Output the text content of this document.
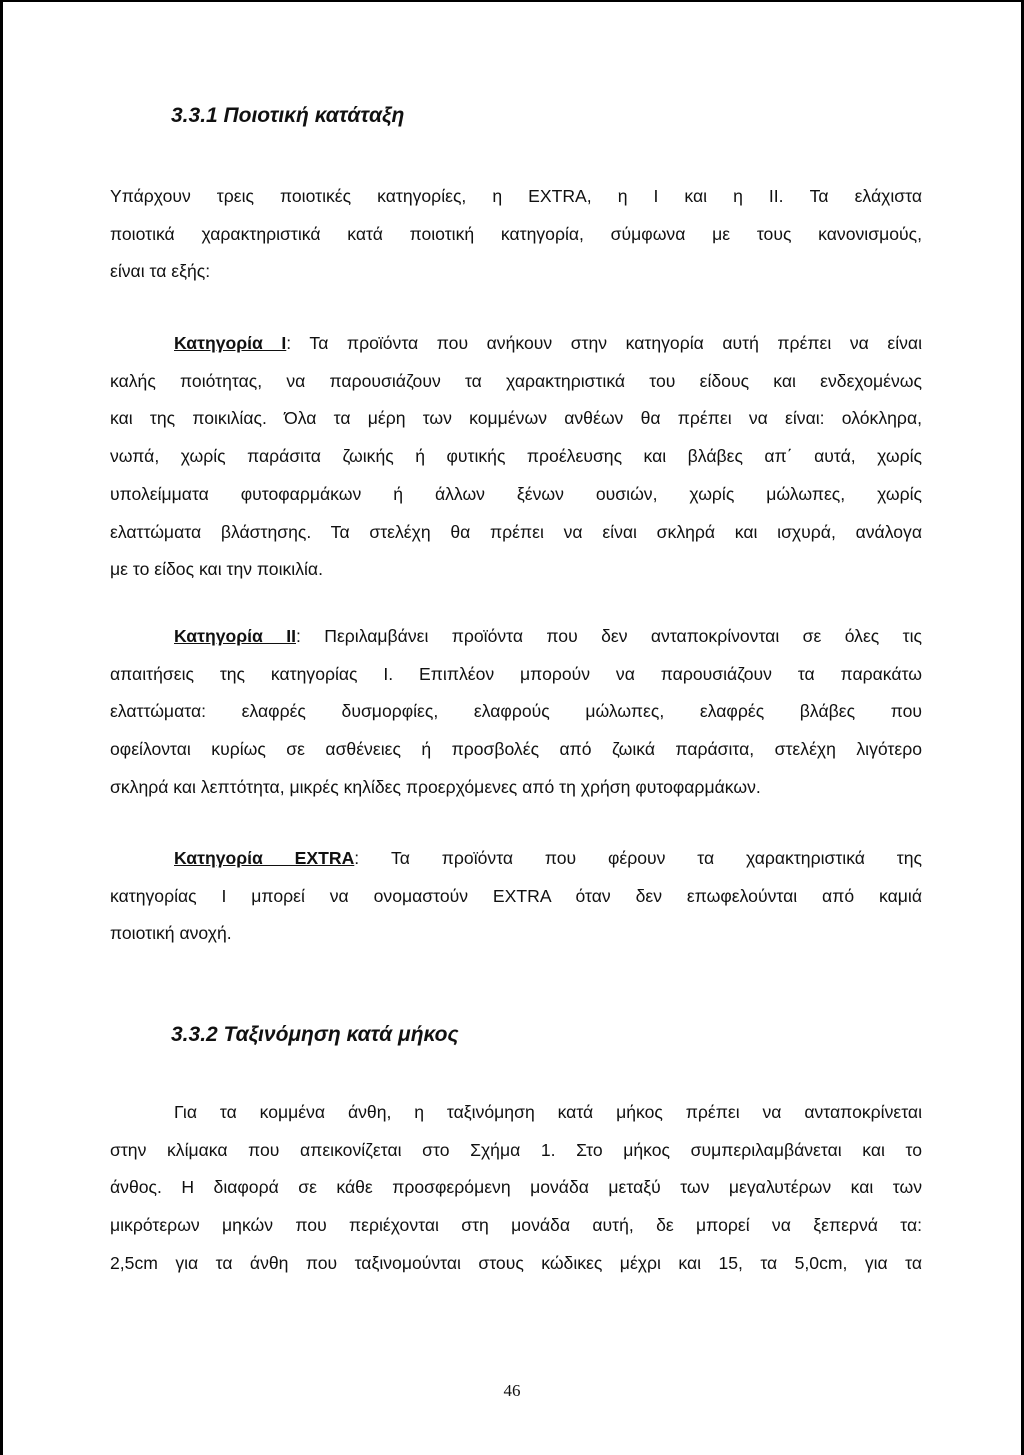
3.3.1 Ποιοτική κατάταξη

Υπάρχουν τρεις ποιοτικές κατηγορίες, η EXTRA, η I και η II. Τα ελάχιστα
ποιοτικά χαρακτηριστικά κατά ποιοτική κατηγορία, σύμφωνα με τους κανονισμούς,
είναι τα εξής:

Κατηγορία Ι: Τα προϊόντα που ανήκουν στην κατηγορία αυτή πρέπει να είναι
καλής ποιότητας, να παρουσιάζουν τα χαρακτηριστικά του είδους και ενδεχομένως
και της ποικιλίας. Όλα τα μέρη των κομμένων ανθέων θα πρέπει να είναι: ολόκληρα,
νωπά, χωρίς παράσιτα ζωικής ή φυτικής προέλευσης και βλάβες απ΄ αυτά, χωρίς
υπολείμματα φυτοφαρμάκων ή άλλων ξένων ουσιών, χωρίς μώλωπες, χωρίς
ελαττώματα βλάστησης. Τα στελέχη θα πρέπει να είναι σκληρά και ισχυρά, ανάλογα
με το είδος και την ποικιλία.

Κατηγορία ΙΙ: Περιλαμβάνει προϊόντα που δεν ανταποκρίνονται σε όλες τις
απαιτήσεις της κατηγορίας Ι. Επιπλέον μπορούν να παρουσιάζουν τα παρακάτω
ελαττώματα: ελαφρές δυσμορφίες, ελαφρούς μώλωπες, ελαφρές βλάβες που
οφείλονται κυρίως σε ασθένειες ή προσβολές από ζωικά παράσιτα, στελέχη λιγότερο
σκληρά και λεπτότητα, μικρές κηλίδες προερχόμενες από τη χρήση φυτοφαρμάκων.

Κατηγορία EXTRA: Τα προϊόντα που φέρουν τα χαρακτηριστικά της
κατηγορίας Ι μπορεί να ονομαστούν EXTRA όταν δεν επωφελούνται από καμιά
ποιοτική ανοχή.

3.3.2 Ταξινόμηση κατά μήκος

Για τα κομμένα άνθη, η ταξινόμηση κατά μήκος πρέπει να ανταποκρίνεται
στην κλίμακα που απεικονίζεται στο Σχήμα 1. Στο μήκος συμπεριλαμβάνεται και το
άνθος. Η διαφορά σε κάθε προσφερόμενη μονάδα μεταξύ των μεγαλυτέρων και των
μικρότερων μηκών που περιέχονται στη μονάδα αυτή, δε μπορεί να ξεπερνά τα:
2,5cm για τα άνθη που ταξινομούνται στους κώδικες μέχρι και 15, τα 5,0cm, για τα

46
